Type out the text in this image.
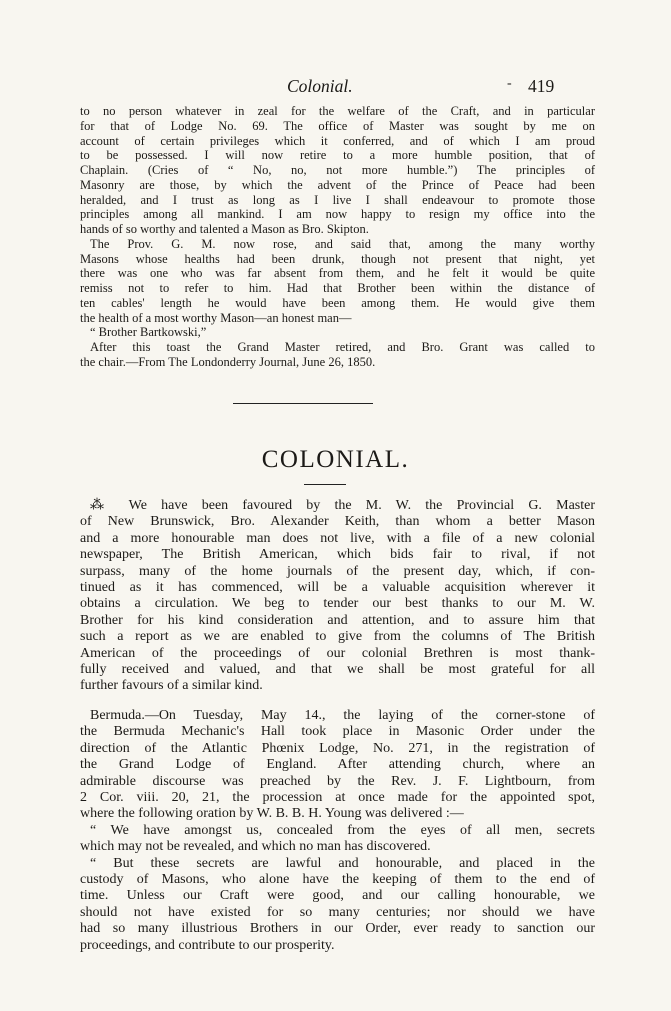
Colonial.	- 419
to no person whatever in zeal for the welfare of the Craft, and in particular
for that of Lodge No. 69. The office of Master was sought by me on
account of certain privileges which it conferred, and of which I am proud
to be possessed. I will now retire to a more humble position, that of
Chaplain. (Cries of “ No, no, not more humble.”) The principles of
Masonry are those, by which the advent of the Prince of Peace had been
heralded, and I trust as long as I live I shall endeavour to promote those
principles among all mankind. I am now happy to resign my office into the
hands of so worthy and talented a Mason as Bro. Skipton.
The Prov. G. M. now rose, and said that, among the many worthy
Masons whose healths had been drunk, though not present that night, yet
there was one who was far absent from them, and he felt it would be quite
remiss not to refer to him. Had that Brother been within the distance of
ten cables' length he would have been among them. He would give them
the health of a most worthy Mason—an honest man—
“ Brother Bartkowski,”
After this toast the Grand Master retired, and Bro. Grant was called to
the chair.—From The Londonderry Journal, June 26, 1850.
COLONIAL.
⁂ We have been favoured by the M. W. the Provincial G. Master
of New Brunswick, Bro. Alexander Keith, than whom a better Mason
and a more honourable man does not live, with a file of a new colonial
newspaper, The British American, which bids fair to rival, if not
surpass, many of the home journals of the present day, which, if con-
tinued as it has commenced, will be a valuable acquisition wherever it
obtains a circulation. We beg to tender our best thanks to our M. W.
Brother for his kind consideration and attention, and to assure him that
such a report as we are enabled to give from the columns of The British
American of the proceedings of our colonial Brethren is most thank-
fully received and valued, and that we shall be most grateful for all
further favours of a similar kind.
Bermuda.—On Tuesday, May 14., the laying of the corner-stone of
the Bermuda Mechanic's Hall took place in Masonic Order under the
direction of the Atlantic Phœnix Lodge, No. 271, in the registration of
the Grand Lodge of England. After attending church, where an
admirable discourse was preached by the Rev. J. F. Lightbourn, from
2 Cor. viii. 20, 21, the procession at once made for the appointed spot,
where the following oration by W. B. B. H. Young was delivered :—
“ We have amongst us, concealed from the eyes of all men, secrets
which may not be revealed, and which no man has discovered.
“ But these secrets are lawful and honourable, and placed in the
custody of Masons, who alone have the keeping of them to the end of
time. Unless our Craft were good, and our calling honourable, we
should not have existed for so many centuries; nor should we have
had so many illustrious Brothers in our Order, ever ready to sanction our
proceedings, and contribute to our prosperity.
